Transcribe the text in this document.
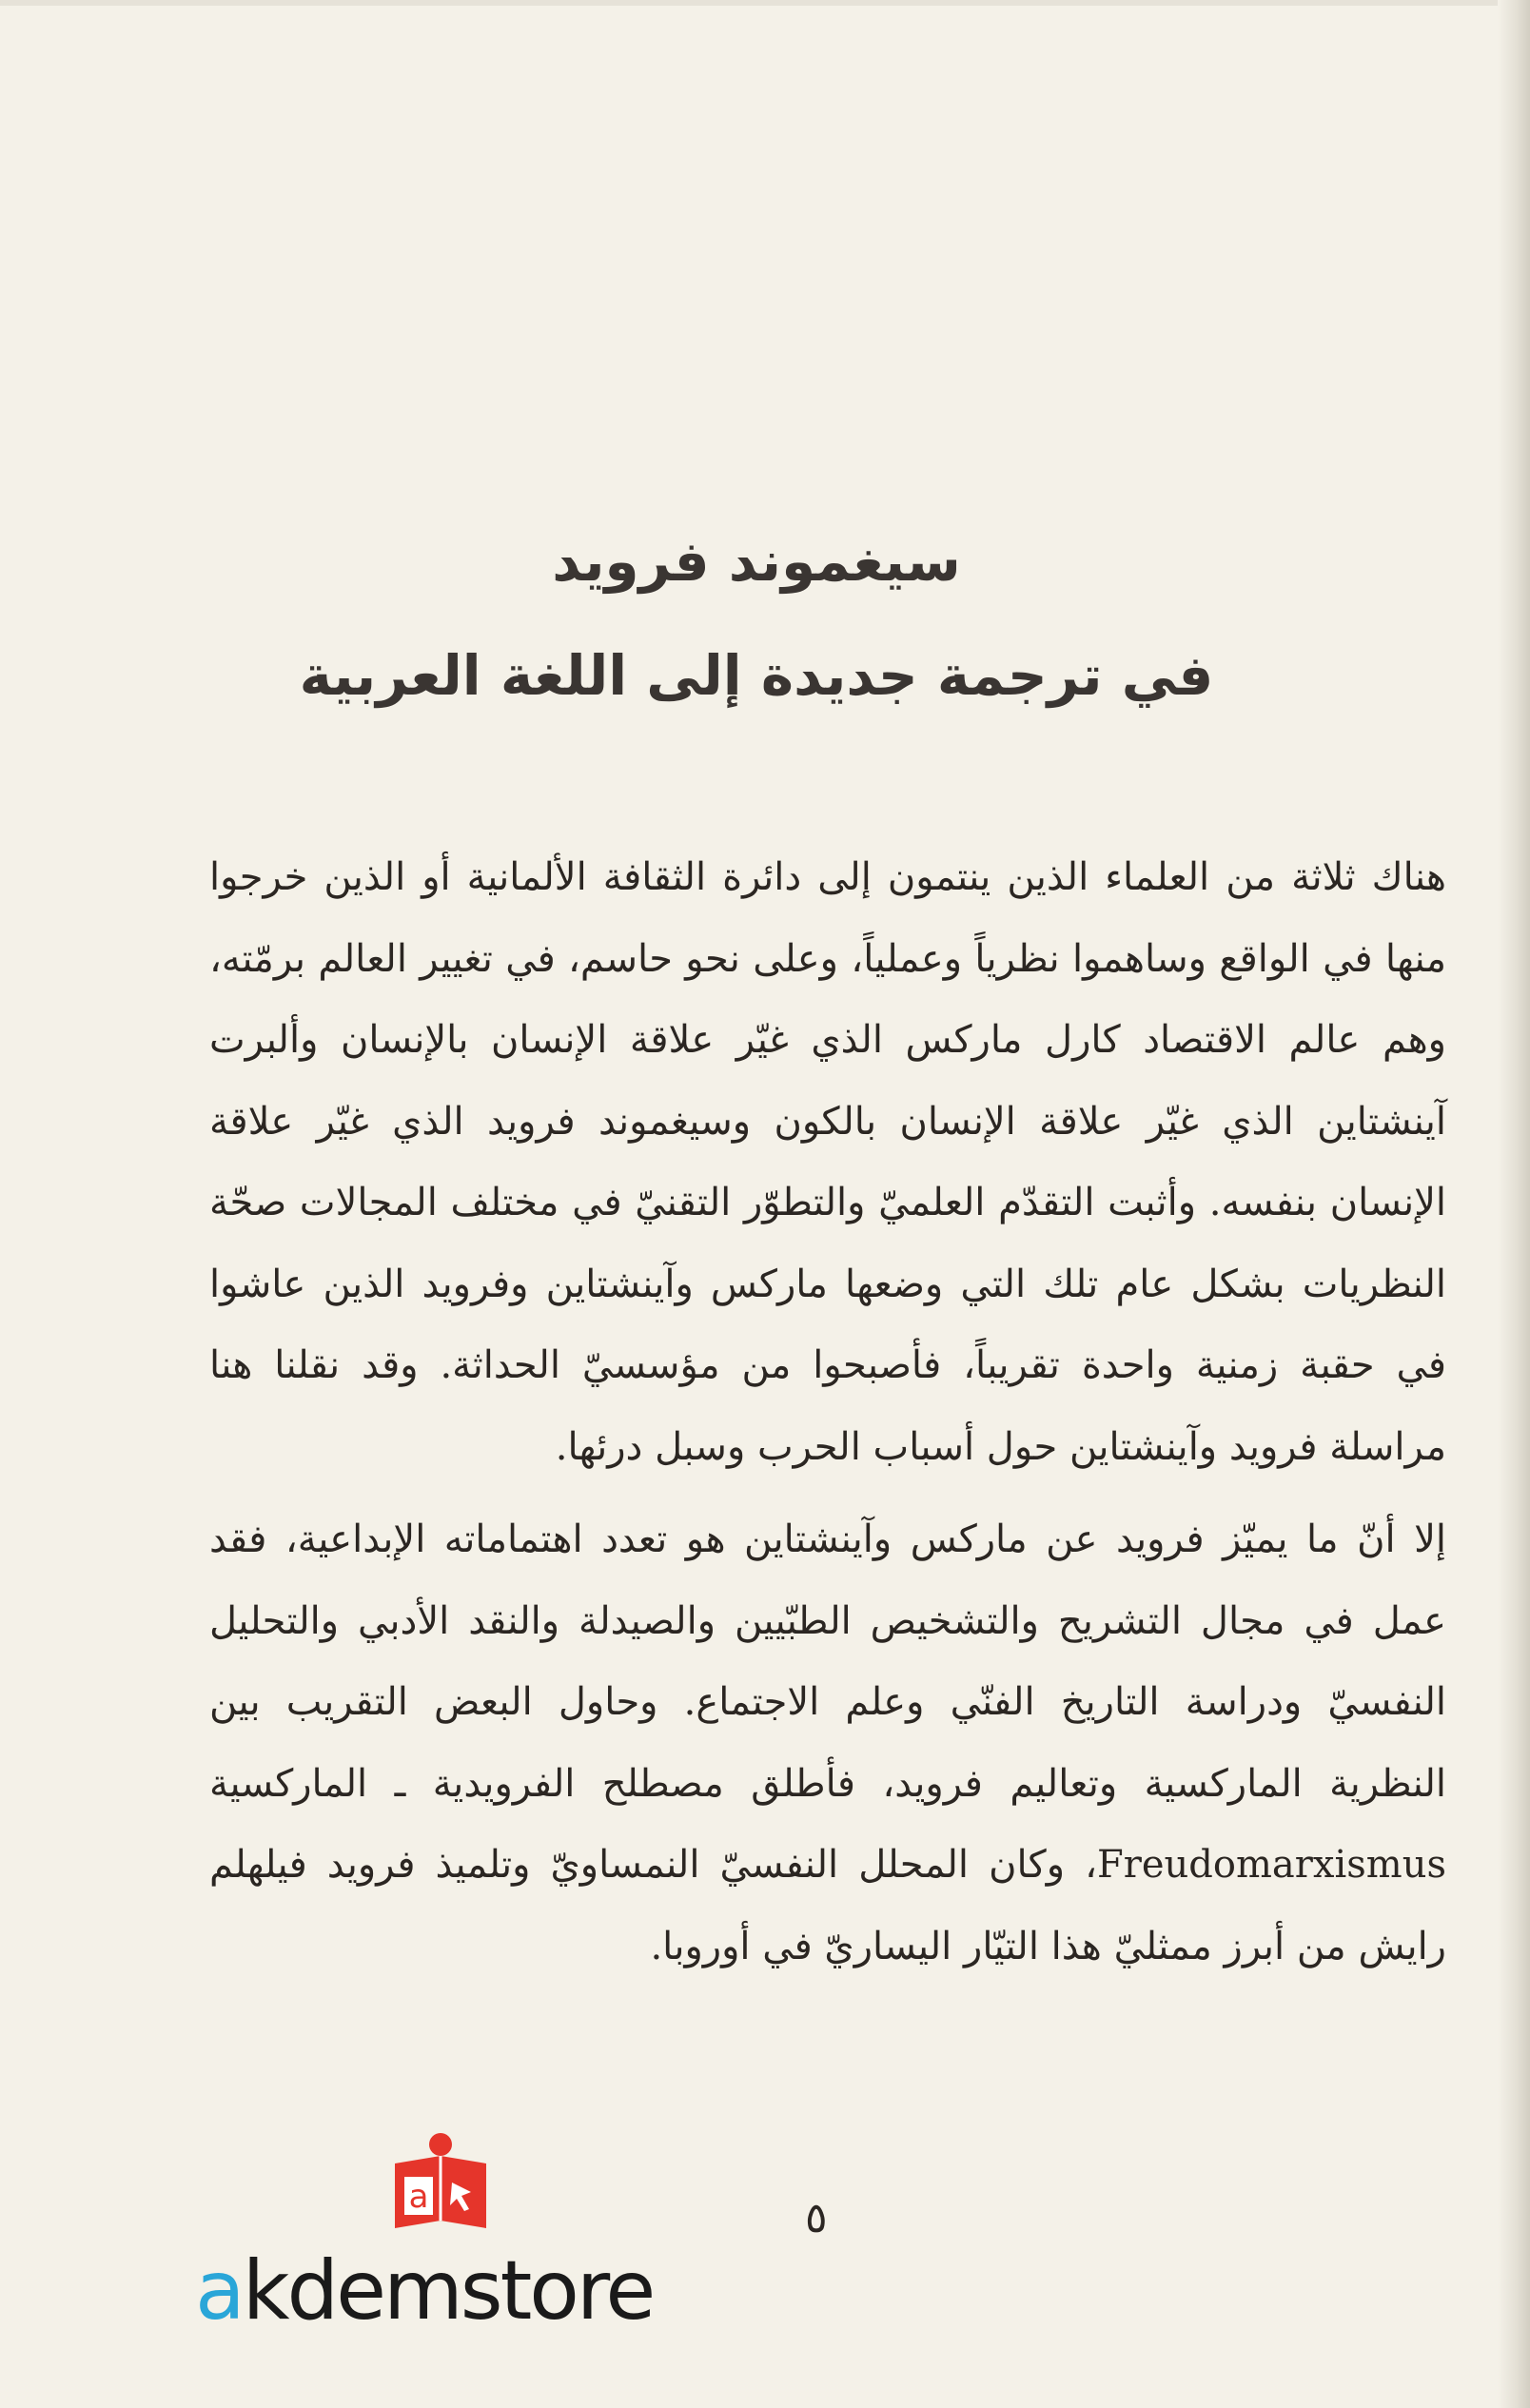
سيغموند فرويد
في ترجمة جديدة إلى اللغة العربية

هناك ثلاثة من العلماء الذين ينتمون إلى دائرة الثقافة الألمانية أو الذين خرجوا منها في الواقع وساهموا نظرياً وعملياً، وعلى نحو حاسم، في تغيير العالم برمّته، وهم عالم الاقتصاد كارل ماركس الذي غيّر علاقة الإنسان بالإنسان وألبرت آينشتاين الذي غيّر علاقة الإنسان بالكون وسيغموند فرويد الذي غيّر علاقة الإنسان بنفسه. وأثبت التقدّم العلميّ والتطوّر التقنيّ في مختلف المجالات صحّة النظريات بشكل عام تلك التي وضعها ماركس وآينشتاين وفرويد الذين عاشوا في حقبة زمنية واحدة تقريباً، فأصبحوا من مؤسسيّ الحداثة. وقد نقلنا هنا مراسلة فرويد وآينشتاين حول أسباب الحرب وسبل درئها.

إلا أنّ ما يميّز فرويد عن ماركس وآينشتاين هو تعدد اهتماماته الإبداعية، فقد عمل في مجال التشريح والتشخيص الطبّيين والصيدلة والنقد الأدبي والتحليل النفسيّ ودراسة التاريخ الفنّي وعلم الاجتماع. وحاول البعض التقريب بين النظرية الماركسية وتعاليم فرويد، فأطلق مصطلح الفرويدية ـ الماركسية Freudomarxismus، وكان المحلل النفسيّ النمساويّ وتلميذ فرويد فيلهلم رايش من أبرز ممثليّ هذا التيّار اليساريّ في أوروبا.

٥
a
akdemstore
